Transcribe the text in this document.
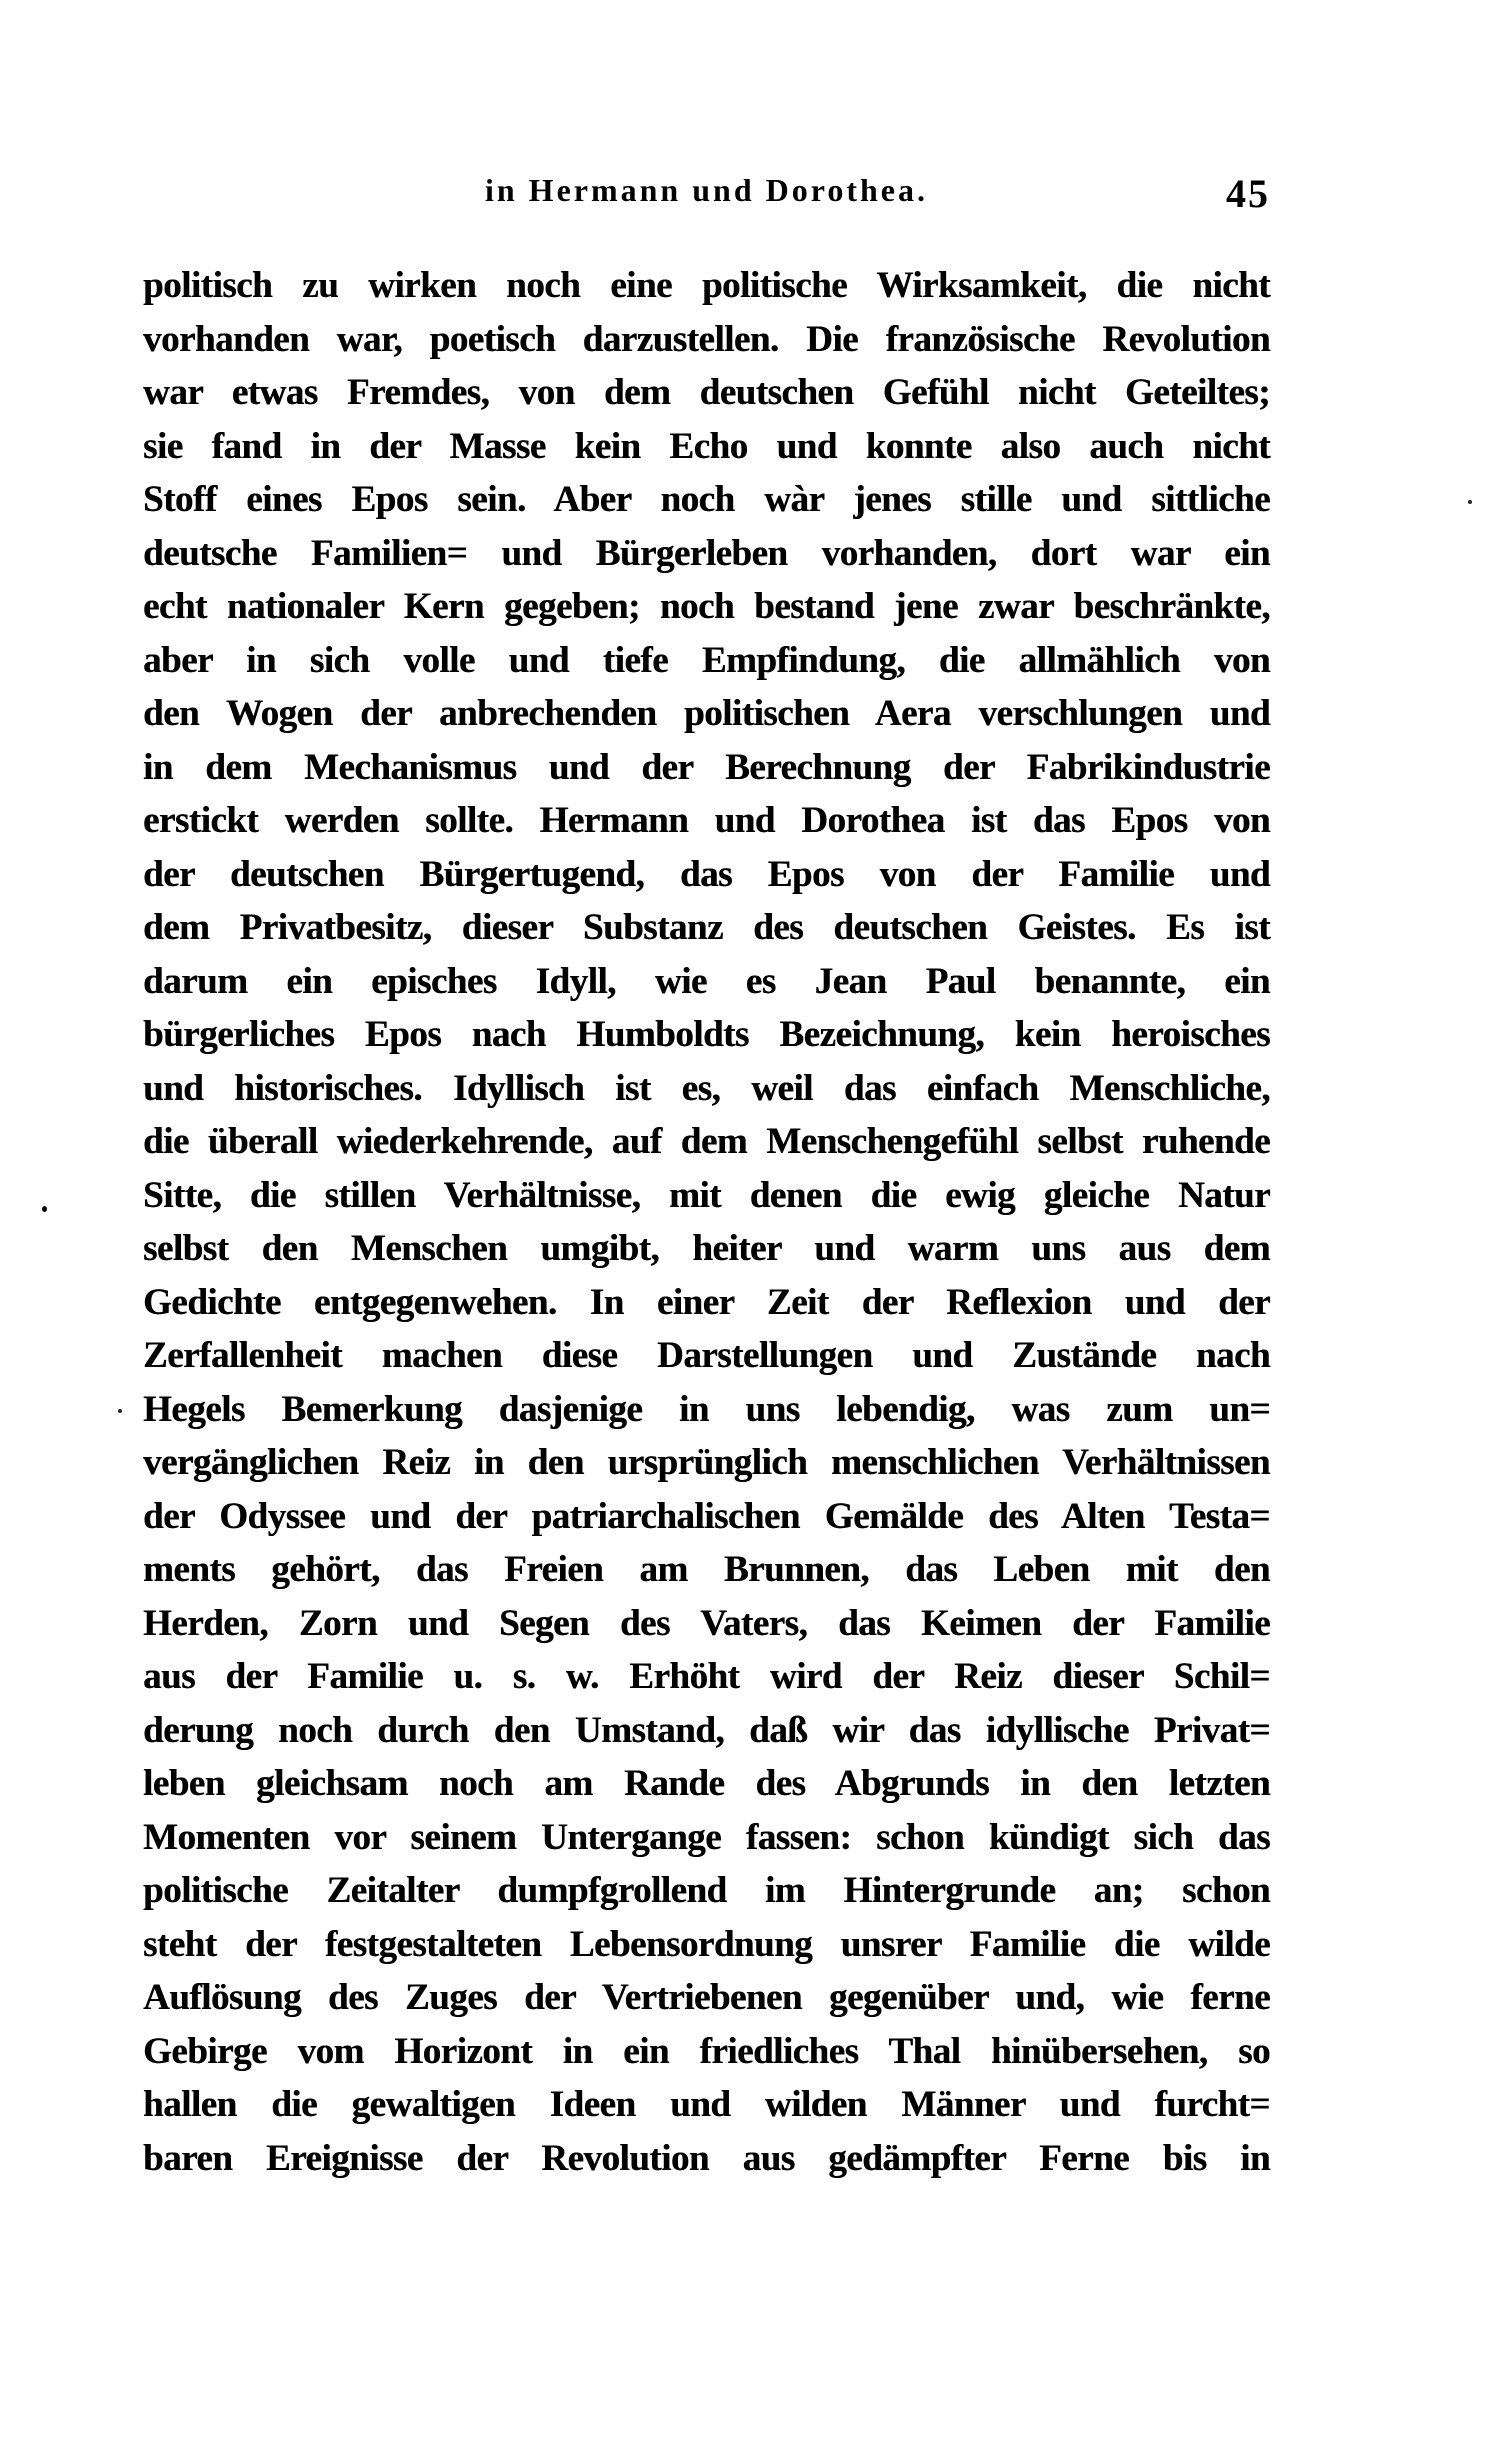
in Hermann und Dorothea.	45
politisch zu wirken noch eine politische Wirksamkeit, die nicht
vorhanden war, poetisch darzustellen. Die französische Revolution
war etwas Fremdes, von dem deutschen Gefühl nicht Geteiltes;
sie fand in der Masse kein Echo und konnte also auch nicht
Stoff eines Epos sein. Aber noch wàr jenes stille und sittliche
deutsche Familien= und Bürgerleben vorhanden, dort war ein
echt nationaler Kern gegeben; noch bestand jene zwar beschränkte,
aber in sich volle und tiefe Empfindung, die allmählich von
den Wogen der anbrechenden politischen Aera verschlungen und
in dem Mechanismus und der Berechnung der Fabrikindustrie
erstickt werden sollte. Hermann und Dorothea ist das Epos von
der deutschen Bürgertugend, das Epos von der Familie und
dem Privatbesitz, dieser Substanz des deutschen Geistes. Es ist
darum ein episches Idyll, wie es Jean Paul benannte, ein
bürgerliches Epos nach Humboldts Bezeichnung, kein heroisches
und historisches. Idyllisch ist es, weil das einfach Menschliche,
die überall wiederkehrende, auf dem Menschengefühl selbst ruhende
Sitte, die stillen Verhältnisse, mit denen die ewig gleiche Natur
selbst den Menschen umgibt, heiter und warm uns aus dem
Gedichte entgegenwehen. In einer Zeit der Reflexion und der
Zerfallenheit machen diese Darstellungen und Zustände nach
Hegels Bemerkung dasjenige in uns lebendig, was zum un=
vergänglichen Reiz in den ursprünglich menschlichen Verhältnissen
der Odyssee und der patriarchalischen Gemälde des Alten Testa=
ments gehört, das Freien am Brunnen, das Leben mit den
Herden, Zorn und Segen des Vaters, das Keimen der Familie
aus der Familie u. s. w. Erhöht wird der Reiz dieser Schil=
derung noch durch den Umstand, daß wir das idyllische Privat=
leben gleichsam noch am Rande des Abgrunds in den letzten
Momenten vor seinem Untergange fassen: schon kündigt sich das
politische Zeitalter dumpfgrollend im Hintergrunde an; schon
steht der festgestalteten Lebensordnung unsrer Familie die wilde
Auflösung des Zuges der Vertriebenen gegenüber und, wie ferne
Gebirge vom Horizont in ein friedliches Thal hinübersehen, so
hallen die gewaltigen Ideen und wilden Männer und furcht=
baren Ereignisse der Revolution aus gedämpfter Ferne bis in
